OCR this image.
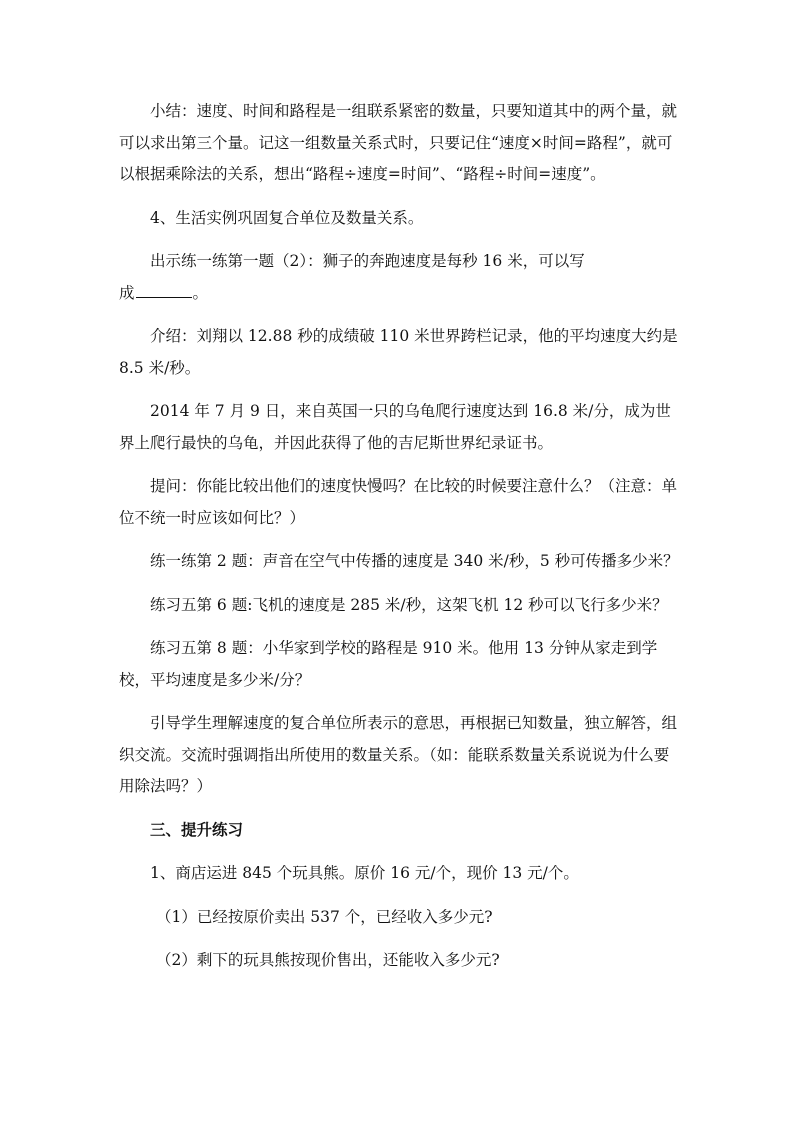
小结：速度、时间和路程是一组联系紧密的数量，只要知道其中的两个量，就可以求出第三个量。记这一组数量关系式时，只要记住“速度×时间=路程”，就可以根据乘除法的关系，想出“路程÷速度=时间”、“路程÷时间=速度”。

4、生活实例巩固复合单位及数量关系。

出示练一练第一题（2）：狮子的奔跑速度是每秒 16 米，可以写
成	。

介绍：刘翔以 12.88 秒的成绩破 110 米世界跨栏记录，他的平均速度大约是 8.5 米/秒。

2014 年 7 月 9 日，来自英国一只的乌龟爬行速度达到 16.8 米/分，成为世界上爬行最快的乌龟，并因此获得了他的吉尼斯世界纪录证书。

提问：你能比较出他们的速度快慢吗？在比较的时候要注意什么？（注意：单位不统一时应该如何比？）

练一练第 2 题：声音在空气中传播的速度是 340 米/秒，5 秒可传播多少米？

练习五第 6 题:飞机的速度是 285 米/秒，这架飞机 12 秒可以飞行多少米？

练习五第 8 题：小华家到学校的路程是 910 米。他用 13 分钟从家走到学校，平均速度是多少米/分？

引导学生理解速度的复合单位所表示的意思，再根据已知数量，独立解答，组织交流。交流时强调指出所使用的数量关系。（如：能联系数量关系说说为什么要用除法吗？）

三、提升练习

1、商店运进 845 个玩具熊。原价 16 元/个，现价 13 元/个。

（1）已经按原价卖出 537 个，已经收入多少元?

（2）剩下的玩具熊按现价售出，还能收入多少元?
